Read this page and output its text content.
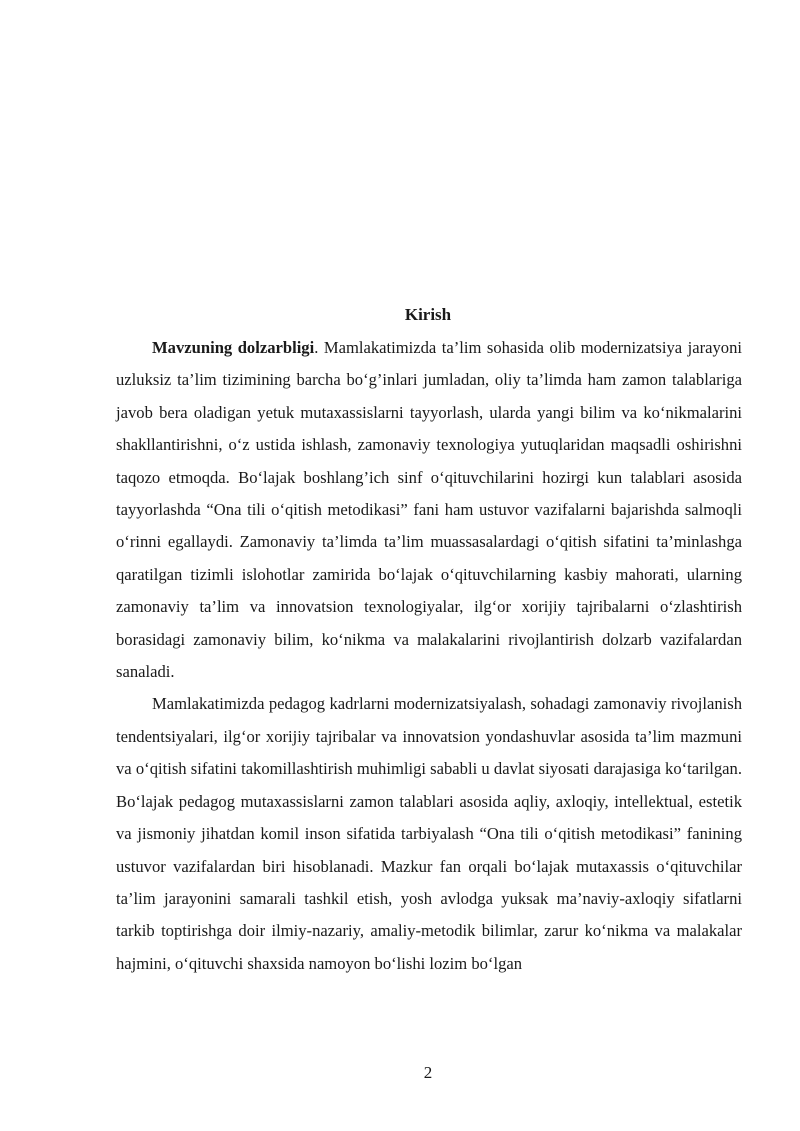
Kirish

Mavzuning dolzarbligi. Mamlakatimizda ta’lim sohasida olib modernizatsiya jarayoni uzluksiz ta’lim tizimining barcha bo‘g’inlari jumladan, oliy ta’limda ham zamon talablariga javob bera oladigan yetuk mutaxassislarni tayyorlash, ularda yangi bilim va ko‘nikmalarini shakllantirishni, o‘z ustida ishlash, zamonaviy texnologiya yutuqlaridan maqsadli oshirishni taqozo etmoqda. Bo‘lajak boshlang’ich sinf o‘qituvchilarini hozirgi kun talablari asosida tayyorlashda “Ona tili o‘qitish metodikasi” fani ham ustuvor vazifalarni bajarishda salmoqli o‘rinni egallaydi. Zamonaviy ta’limda ta’lim muassasalardagi o‘qitish sifatini ta’minlashga qaratilgan tizimli islohotlar zamirida bo‘lajak o‘qituvchilarning kasbiy mahorati, ularning zamonaviy ta’lim va innovatsion texnologiyalar, ilg‘or xorijiy tajribalarni o‘zlashtirish borasidagi zamonaviy bilim, ko‘nikma va malakalarini rivojlantirish dolzarb vazifalardan sanaladi.

Mamlakatimizda pedagog kadrlarni modernizatsiyalash, sohadagi zamonaviy rivojlanish tendentsiyalari, ilg‘or xorijiy tajribalar va innovatsion yondashuvlar asosida ta’lim mazmuni va o‘qitish sifatini takomillashtirish muhimligi sababli u davlat siyosati darajasiga ko‘tarilgan. Bo‘lajak pedagog mutaxassislarni zamon talablari asosida aqliy, axloqiy, intellektual, estetik va jismoniy jihatdan komil inson sifatida tarbiyalash “Ona tili o‘qitish metodikasi” fanining ustuvor vazifalardan biri hisoblanadi. Mazkur fan orqali bo‘lajak mutaxassis o‘qituvchilar ta’lim jarayonini samarali tashkil etish, yosh avlodga yuksak ma’naviy-axloqiy sifatlarni tarkib toptirishga doir ilmiy-nazariy, amaliy-metodik bilimlar, zarur ko‘nikma va malakalar hajmini, o‘qituvchi shaxsida namoyon bo‘lishi lozim bo‘lgan

2
